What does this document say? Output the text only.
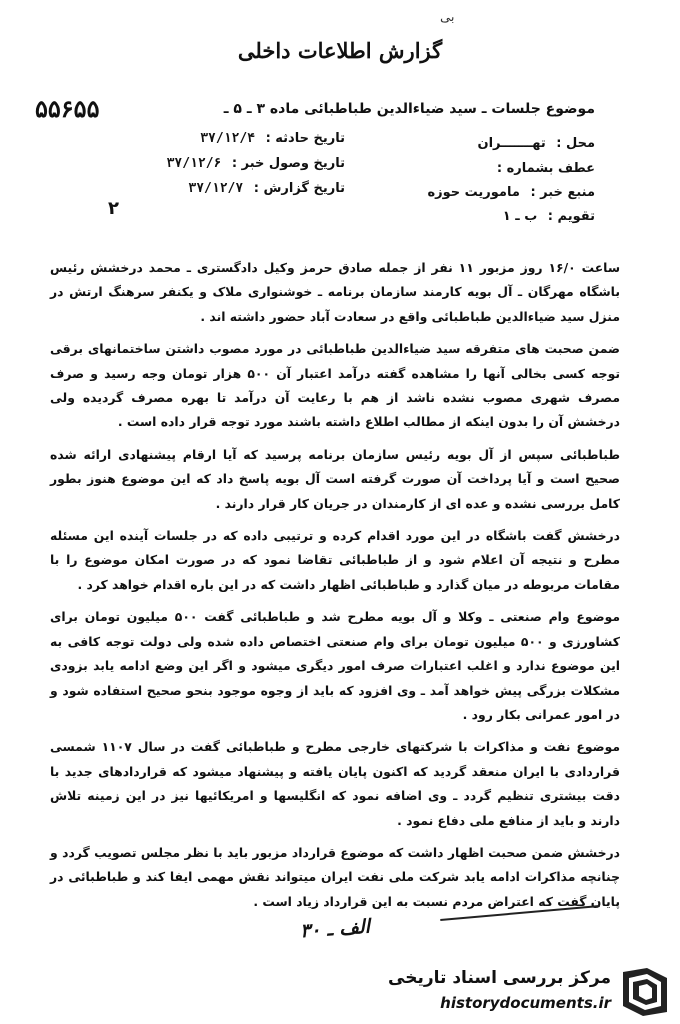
بی
گزارش اطلاعات داخلی
۵۵۶۵۵	موضوع جلسات ـ سید ضیاءالدین طباطبائی ماده ۳ ـ ۵ ـ
محل : تهـــــــران
عطف بشماره :
منبع خبر : ماموریت حوزه
تقویم : ب ـ ۱
تاریخ حادثه : ۳۷/۱۲/۴
تاریخ وصول خبر : ۳۷/۱۲/۶
تاریخ گزارش : ۳۷/۱۲/۷
۲

ساعت ۱۶/۰ روز مزبور ۱۱ نفر از جمله صادق حرمز وکیل دادگستری ـ محمد درخشش رئیس باشگاه مهرگان ـ آل بویه کارمند سازمان برنامه ـ خوشنواری ملاک و یکنفر سرهنگ ارتش در منزل سید ضیاءالدین طباطبائی واقع در سعادت آباد حضور داشته اند .

ضمن صحبت های متفرقه سید ضیاءالدین طباطبائی در مورد مصوب داشتن ساختمانهای برقی توجه کسی بخالی آنها را مشاهده گفته درآمد اعتبار آن ۵۰۰ هزار تومان وجه رسید و صرف مصرف شهری مصوب نشده ناشد از هم با رعایت آن درآمد تا بهره مصرف گردیده ولی درخشش آن را بدون اینکه از مطالب اطلاع داشته باشند مورد توجه قرار داده است .

طباطبائی سپس از آل بویه رئیس سازمان برنامه پرسید که آیا ارقام پیشنهادی ارائه شده صحیح است و آیا پرداخت آن صورت گرفته است آل بویه پاسخ داد که این موضوع هنوز بطور کامل بررسی نشده و عده ای از کارمندان در جریان کار قرار دارند .

درخشش گفت باشگاه در این مورد اقدام کرده و ترتیبی داده که در جلسات آینده این مسئله مطرح و نتیجه آن اعلام شود و از طباطبائی تقاضا نمود که در صورت امکان موضوع را با مقامات مربوطه در میان گذارد و طباطبائی اظهار داشت که در این باره اقدام خواهد کرد .

موضوع وام صنعتی ـ وکلا و آل بویه مطرح شد و طباطبائی گفت ۵۰۰ میلیون تومان برای کشاورزی و ۵۰۰ میلیون تومان برای وام صنعتی اختصاص داده شده ولی دولت توجه کافی به این موضوع ندارد و اغلب اعتبارات صرف امور دیگری میشود و اگر این وضع ادامه یابد بزودی مشکلات بزرگی پیش خواهد آمد ـ وی افزود که باید از وجوه موجود بنحو صحیح استفاده شود و در امور عمرانی بکار رود .

موضوع نفت و مذاکرات با شرکتهای خارجی مطرح و طباطبائی گفت در سال ۱۱۰۷ شمسی قراردادی با ایران منعقد گردید که اکنون پایان یافته و پیشنهاد میشود که قراردادهای جدید با دقت بیشتری تنظیم گردد ـ وی اضافه نمود که انگلیسها و امریکائیها نیز در این زمینه تلاش دارند و باید از منافع ملی دفاع نمود .

درخشش ضمن صحبت اظهار داشت که موضوع قرارداد مزبور باید با نظر مجلس تصویب گردد و چنانچه مذاکرات ادامه یابد شرکت ملی نفت ایران میتواند نقش مهمی ایفا کند و طباطبائی در پایان گفت که اعتراض مردم نسبت به این قرارداد زیاد است .

الف ـ ۳۰
مرکز بررسی اسناد تاریخی
historydocuments.ir
